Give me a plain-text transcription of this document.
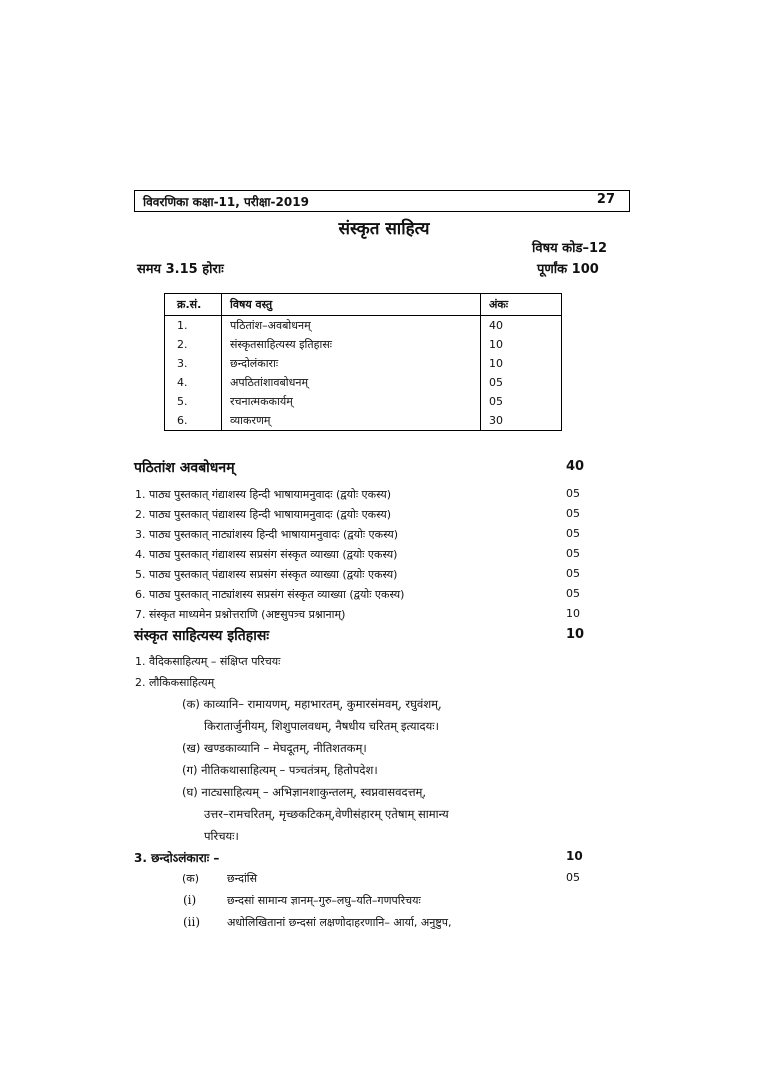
विवरणिका कक्षा-11, परीक्षा-2019	27
संस्कृत साहित्य
विषय कोड–12
समय 3.15 होराः	पूर्णांक 100
क्र.सं.	विषय वस्तु	अंकः
1.	पठितांश–अवबोधनम्	40
2.	संस्कृतसाहित्यस्य इतिहासः	10
3.	छन्दोलंकाराः	10
4.	अपठितांशावबोधनम्	05
5.	रचनात्मककार्यम्	05
6.	व्याकरणम्	30
पठितांश अवबोधनम्	40
1. पाठ्य पुस्तकात् गंद्याशस्य हिन्दी भाषायामनुवादः (द्वयोः एकस्य)	05
2. पाठ्य पुस्तकात् पंद्याशस्य हिन्दी भाषायामनुवादः (द्वयोः एकस्य)	05
3. पाठ्य पुस्तकात् नाट्यांशस्य हिन्दी भाषायामनुवादः (द्वयोः एकस्य)	05
4. पाठ्य पुस्तकात् गंद्याशस्य सप्रसंग संस्कृत व्याख्या (द्वयोः एकस्य)	05
5. पाठ्य पुस्तकात् पंद्याशस्य सप्रसंग संस्कृत व्याख्या (द्वयोः एकस्य)	05
6. पाठ्य पुस्तकात् नाट्यांशस्य सप्रसंग संस्कृत व्याख्या (द्वयोः एकस्य)	05
7. संस्कृत माध्यमेन प्रश्नोत्तराणि (अष्टसुपत्र्च प्रश्नानाम्)	10
संस्कृत साहित्यस्य इतिहासः	10
1. वैदिकसाहित्यम् – संक्षिप्त परिचयः
2. लौकिकसाहित्यम्
(क) काव्यानि– रामायणम्, महाभारतम्, कुमारसंमवम्, रघुवंशम्,
किरातार्जुनीयम्, शिशुपालवधम्, नैषधीय चरितम् इत्यादयः।
(ख) खण्डकाव्यानि – मेघदूतम्, नीतिशतकम्।
(ग) नीतिकथासाहित्यम् – पत्र्चतंत्रम्, हितोपदेश।
(घ) नाट्यसाहित्यम् – अभिज्ञानशाकुन्तलम्, स्वप्नवासवदत्तम्,
उत्तर–रामचरितम्, मृच्छकटिकम्,वेणीसंहारम् एतेषाम् सामान्य
परिचयः।
3. छन्दोऽलंकाराः –	10
(क)	छन्दांसि	05
(i)	छन्दसां सामान्य ज्ञानम्–गुरु–लघु–यति–गणपरिचयः
(ii) अधोलिखितानां छन्दसां लक्षणोदाहरणानि– आर्या, अनुष्टुप,
